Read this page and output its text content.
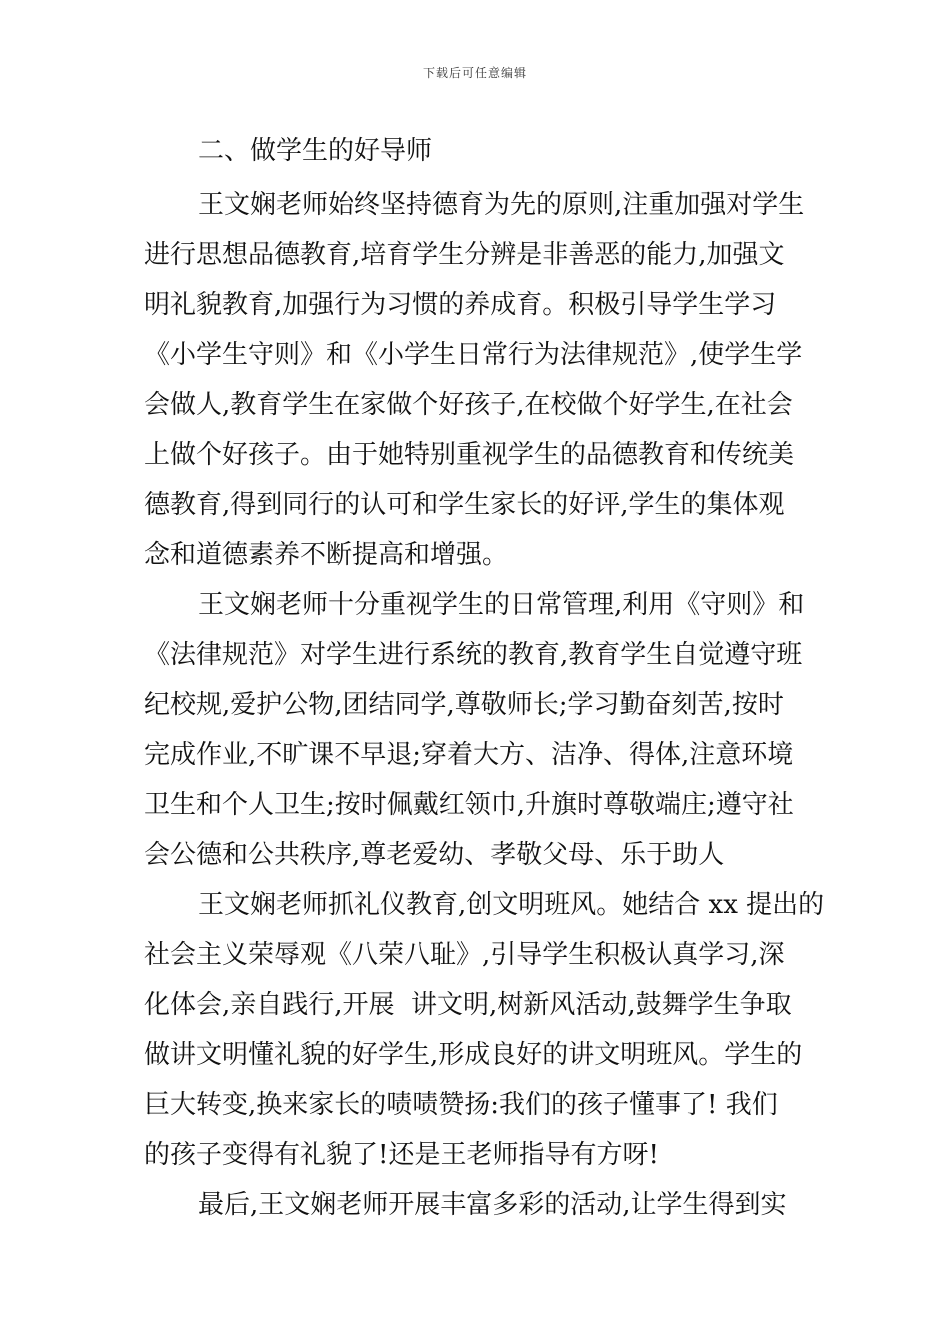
下载后可任意编辑
二、做学生的好导师
王文娴老师始终坚持德育为先的原则,注重加强对学生
进行思想品德教育,培育学生分辨是非善恶的能力,加强文
明礼貌教育,加强行为习惯的养成育。积极引导学生学习
《小学生守则》和《小学生日常行为法律规范》,使学生学
会做人,教育学生在家做个好孩子,在校做个好学生,在社会
上做个好孩子。由于她特别重视学生的品德教育和传统美
德教育,得到同行的认可和学生家长的好评,学生的集体观
念和道德素养不断提高和增强。
王文娴老师十分重视学生的日常管理,利用《守则》和
《法律规范》对学生进行系统的教育,教育学生自觉遵守班
纪校规,爱护公物,团结同学,尊敬师长;学习勤奋刻苦,按时
完成作业,不旷课不早退;穿着大方、洁净、得体,注意环境
卫生和个人卫生;按时佩戴红领巾,升旗时尊敬端庄;遵守社
会公德和公共秩序,尊老爱幼、孝敬父母、乐于助人
王文娴老师抓礼仪教育,创文明班风。她结合 xx 提出的
社会主义荣辱观《八荣八耻》,引导学生积极认真学习,深
化体会,亲自践行,开展  讲文明,树新风活动,鼓舞学生争取
做讲文明懂礼貌的好学生,形成良好的讲文明班风。学生的
巨大转变,换来家长的啧啧赞扬:我们的孩子懂事了! 我们
的孩子变得有礼貌了!还是王老师指导有方呀!
最后,王文娴老师开展丰富多彩的活动,让学生得到实
